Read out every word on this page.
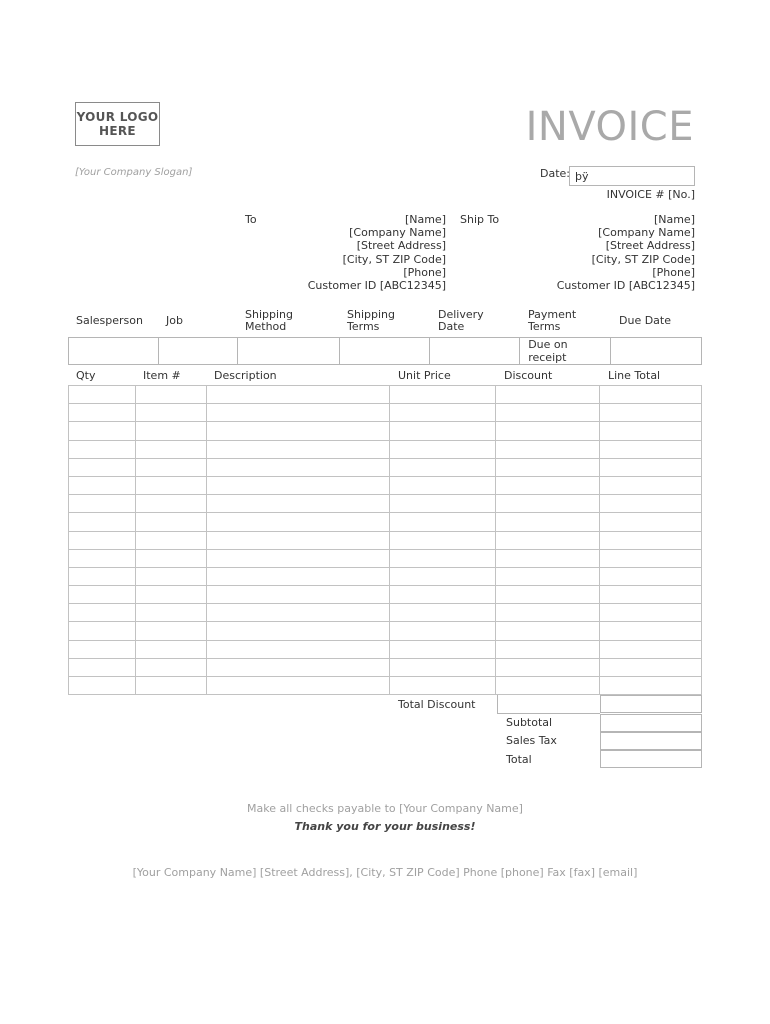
YOUR LOGO
HERE
[Your Company Slogan]
INVOICE
Date: þÿ
INVOICE # [No.]
To	[Name]
[Company Name]
[Street Address]
[City, ST ZIP Code]
[Phone]
Customer ID [ABC12345]
Ship To	[Name]
[Company Name]
[Street Address]
[City, ST ZIP Code]
[Phone]
Customer ID [ABC12345]
Salesperson	Job	Shipping Method	Shipping Terms	Delivery Date	Payment Terms	Due Date
					Due on receipt	
Qty	Item #	Description	Unit Price	Discount	Line Total

Total Discount
Subtotal
Sales Tax
Total
Make all checks payable to [Your Company Name]
Thank you for your business!
[Your Company Name] [Street Address], [City, ST ZIP Code] Phone [phone] Fax [fax] [email]
